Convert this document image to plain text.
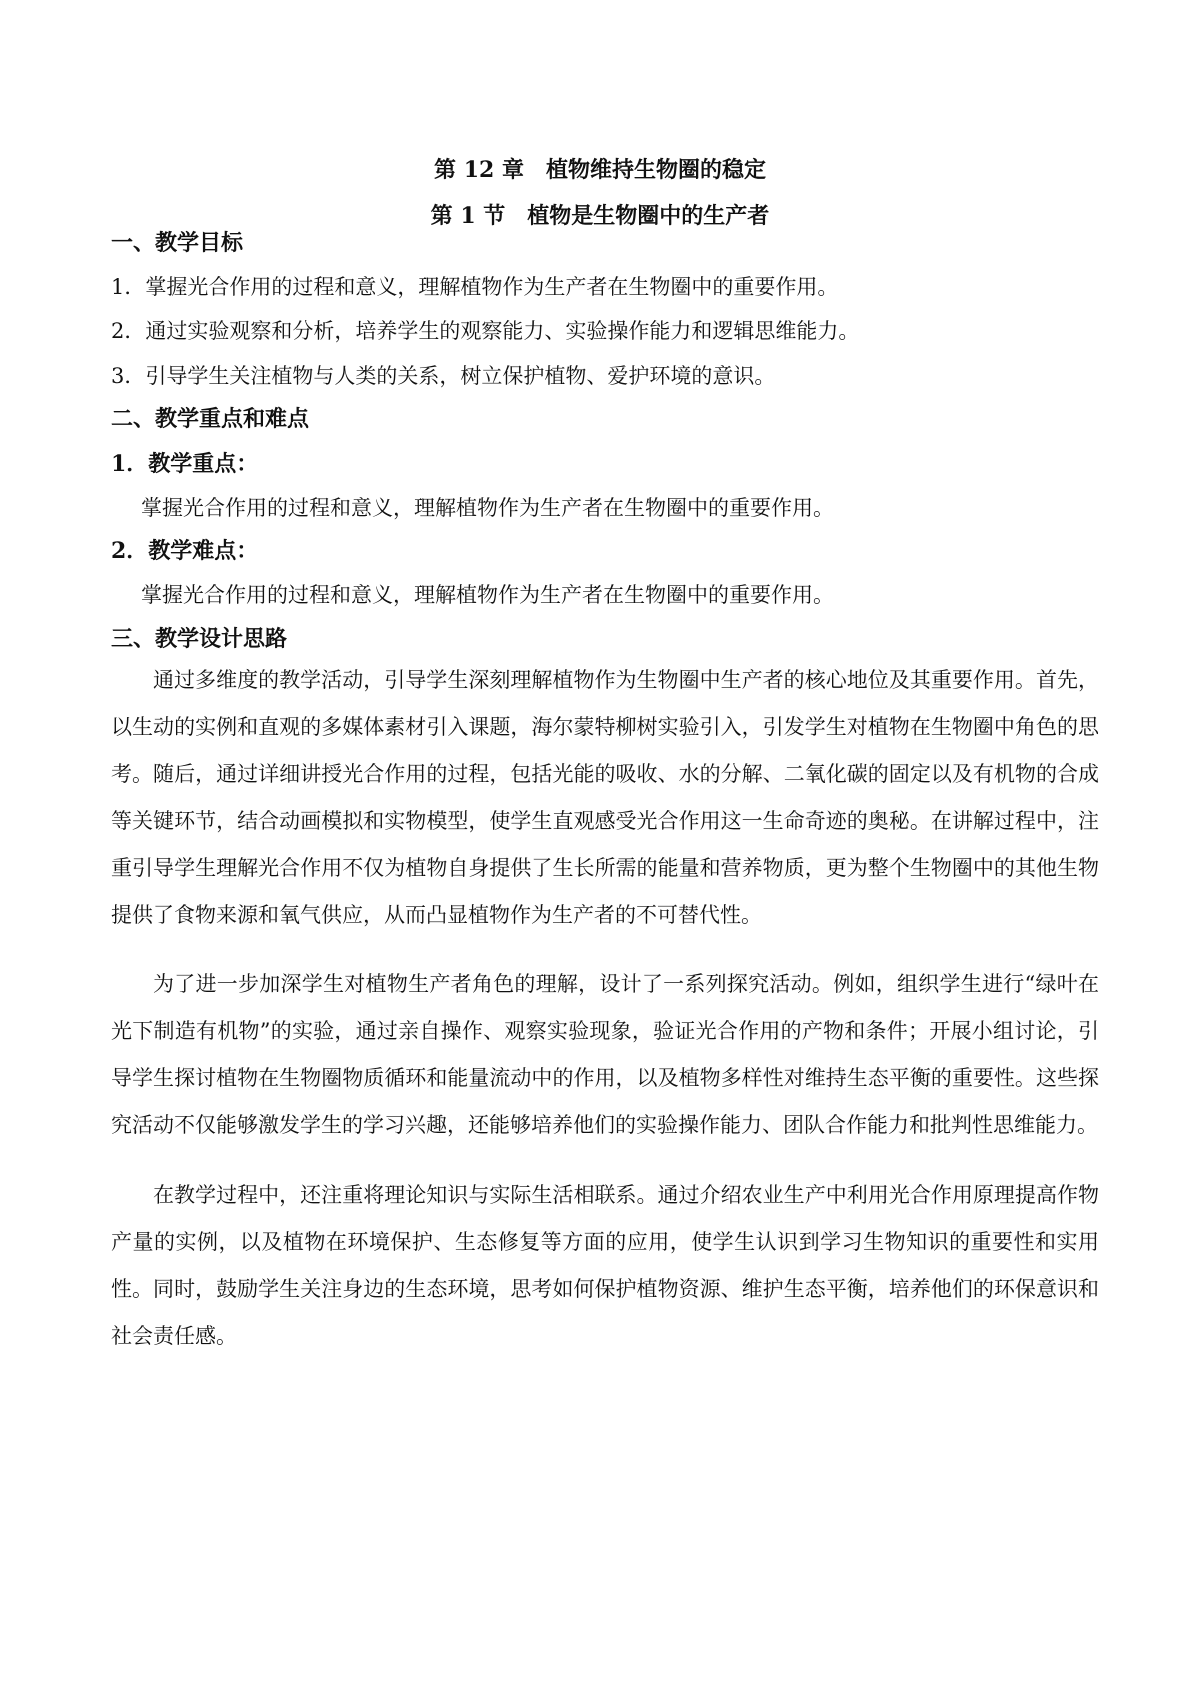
第 12 章　植物维持生物圈的稳定
第 1 节　植物是生物圈中的生产者
一、教学目标
1．掌握光合作用的过程和意义，理解植物作为生产者在生物圈中的重要作用。
2．通过实验观察和分析，培养学生的观察能力、实验操作能力和逻辑思维能力。
3．引导学生关注植物与人类的关系，树立保护植物、爱护环境的意识。
二、教学重点和难点
1．教学重点：
掌握光合作用的过程和意义，理解植物作为生产者在生物圈中的重要作用。
2．教学难点：
掌握光合作用的过程和意义，理解植物作为生产者在生物圈中的重要作用。
三、教学设计思路

通过多维度的教学活动，引导学生深刻理解植物作为生物圈中生产者的核心地位及其重要作用。首先，以生动的实例和直观的多媒体素材引入课题，海尔蒙特柳树实验引入，引发学生对植物在生物圈中角色的思考。随后，通过详细讲授光合作用的过程，包括光能的吸收、水的分解、二氧化碳的固定以及有机物的合成等关键环节，结合动画模拟和实物模型，使学生直观感受光合作用这一生命奇迹的奥秘。在讲解过程中，注重引导学生理解光合作用不仅为植物自身提供了生长所需的能量和营养物质，更为整个生物圈中的其他生物提供了食物来源和氧气供应，从而凸显植物作为生产者的不可替代性。

为了进一步加深学生对植物生产者角色的理解，设计了一系列探究活动。例如，组织学生进行“绿叶在光下制造有机物”的实验，通过亲自操作、观察实验现象，验证光合作用的产物和条件；开展小组讨论，引导学生探讨植物在生物圈物质循环和能量流动中的作用，以及植物多样性对维持生态平衡的重要性。这些探究活动不仅能够激发学生的学习兴趣，还能够培养他们的实验操作能力、团队合作能力和批判性思维能力。

在教学过程中，还注重将理论知识与实际生活相联系。通过介绍农业生产中利用光合作用原理提高作物产量的实例，以及植物在环境保护、生态修复等方面的应用，使学生认识到学习生物知识的重要性和实用性。同时，鼓励学生关注身边的生态环境，思考如何保护植物资源、维护生态平衡，培养他们的环保意识和社会责任感。
